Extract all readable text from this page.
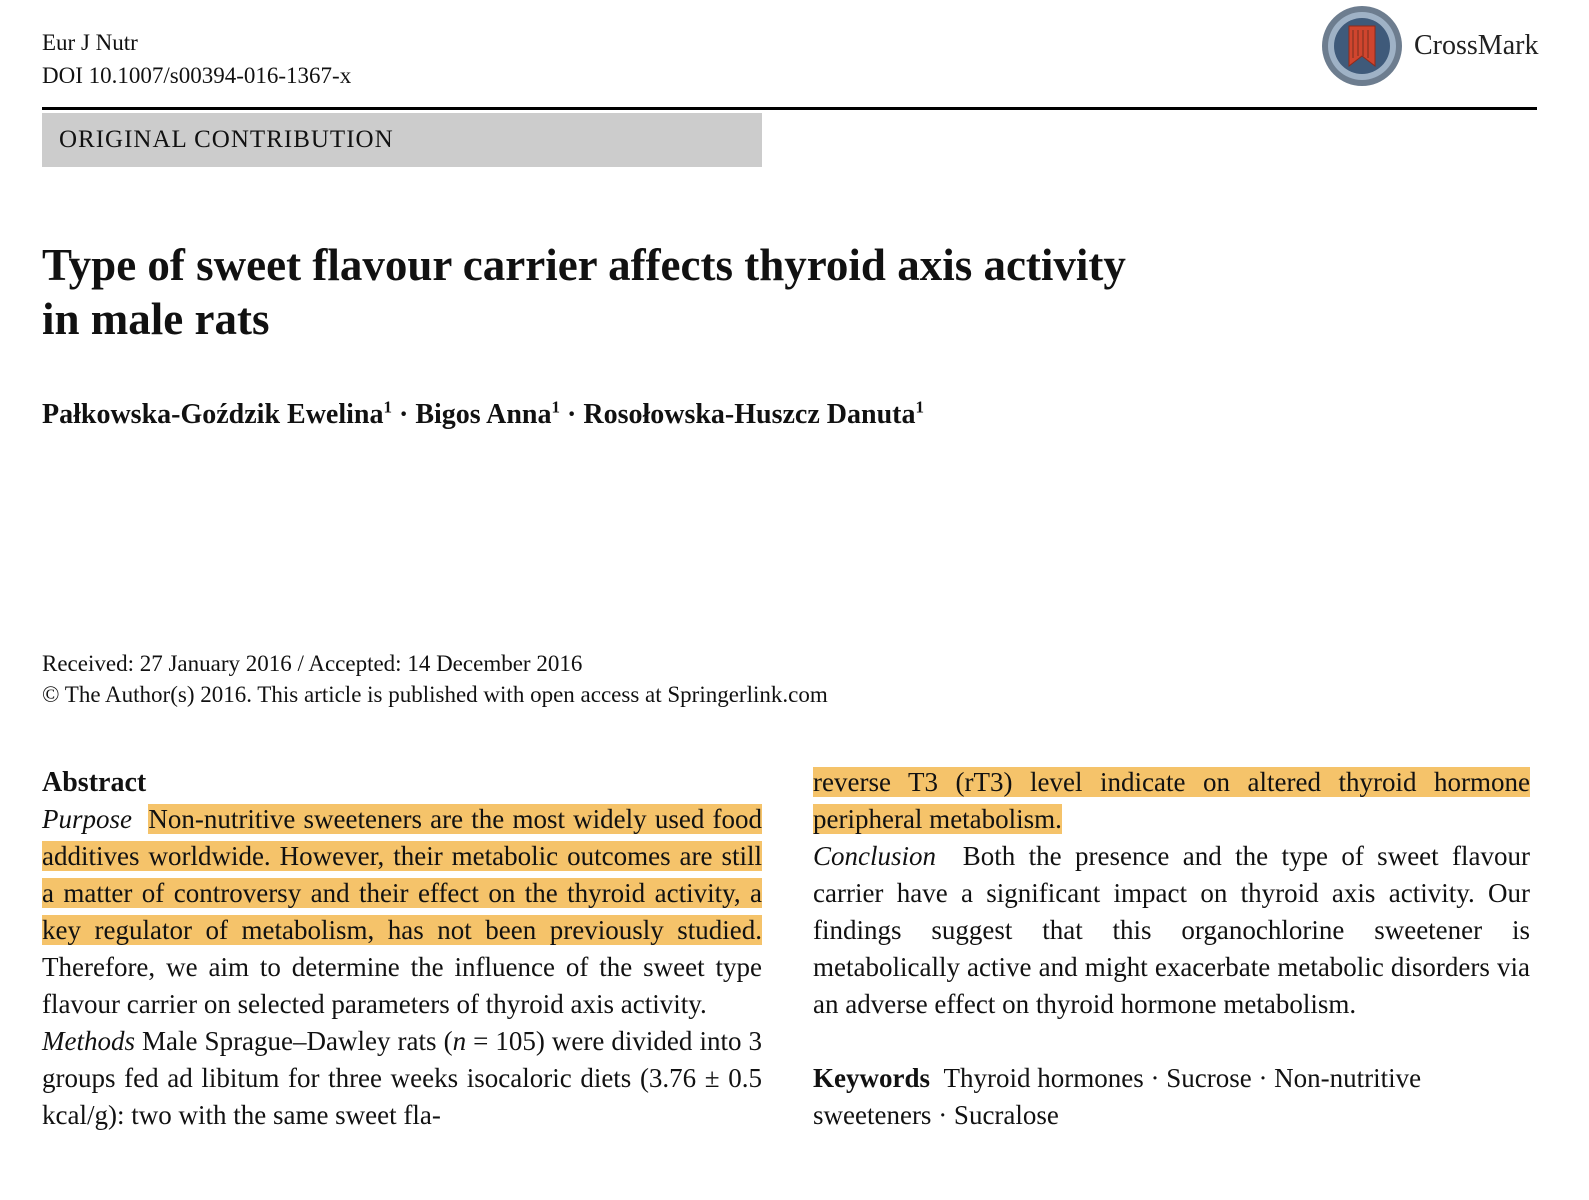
Eur J Nutr
DOI 10.1007/s00394-016-1367-x
CrossMark
ORIGINAL CONTRIBUTION
Type of sweet flavour carrier affects thyroid axis activity
in male rats
Pałkowska-Goździk Ewelina$^1$ · Bigos Anna$^1$ · Rosołowska-Huszcz Danuta$^1$
Received: 27 January 2016 / Accepted: 14 December 2016
© The Author(s) 2016. This article is published with open access at Springerlink.com

Abstract

Purpose Non-nutritive sweeteners are the most widely used food additives worldwide. However, their metabolic outcomes are still a matter of controversy and their effect on the thyroid activity, a key regulator of metabolism, has not been previously studied. Therefore, we aim to determine the influence of the sweet type flavour carrier on selected parameters of thyroid axis activity.

Methods Male Sprague–Dawley rats (n = 105) were divided into 3 groups fed ad libitum for three weeks isocaloric diets (3.76 ± 0.5 kcal/g): two with the same sweet fla-

reverse T3 (rT3) level indicate on altered thyroid hormone peripheral metabolism.

Conclusion Both the presence and the type of sweet flavour carrier have a significant impact on thyroid axis activity. Our findings suggest that this organochlorine sweetener is metabolically active and might exacerbate metabolic disorders via an adverse effect on thyroid hormone metabolism.

Keywords Thyroid hormones · Sucrose · Non-nutritive sweeteners · Sucralose
